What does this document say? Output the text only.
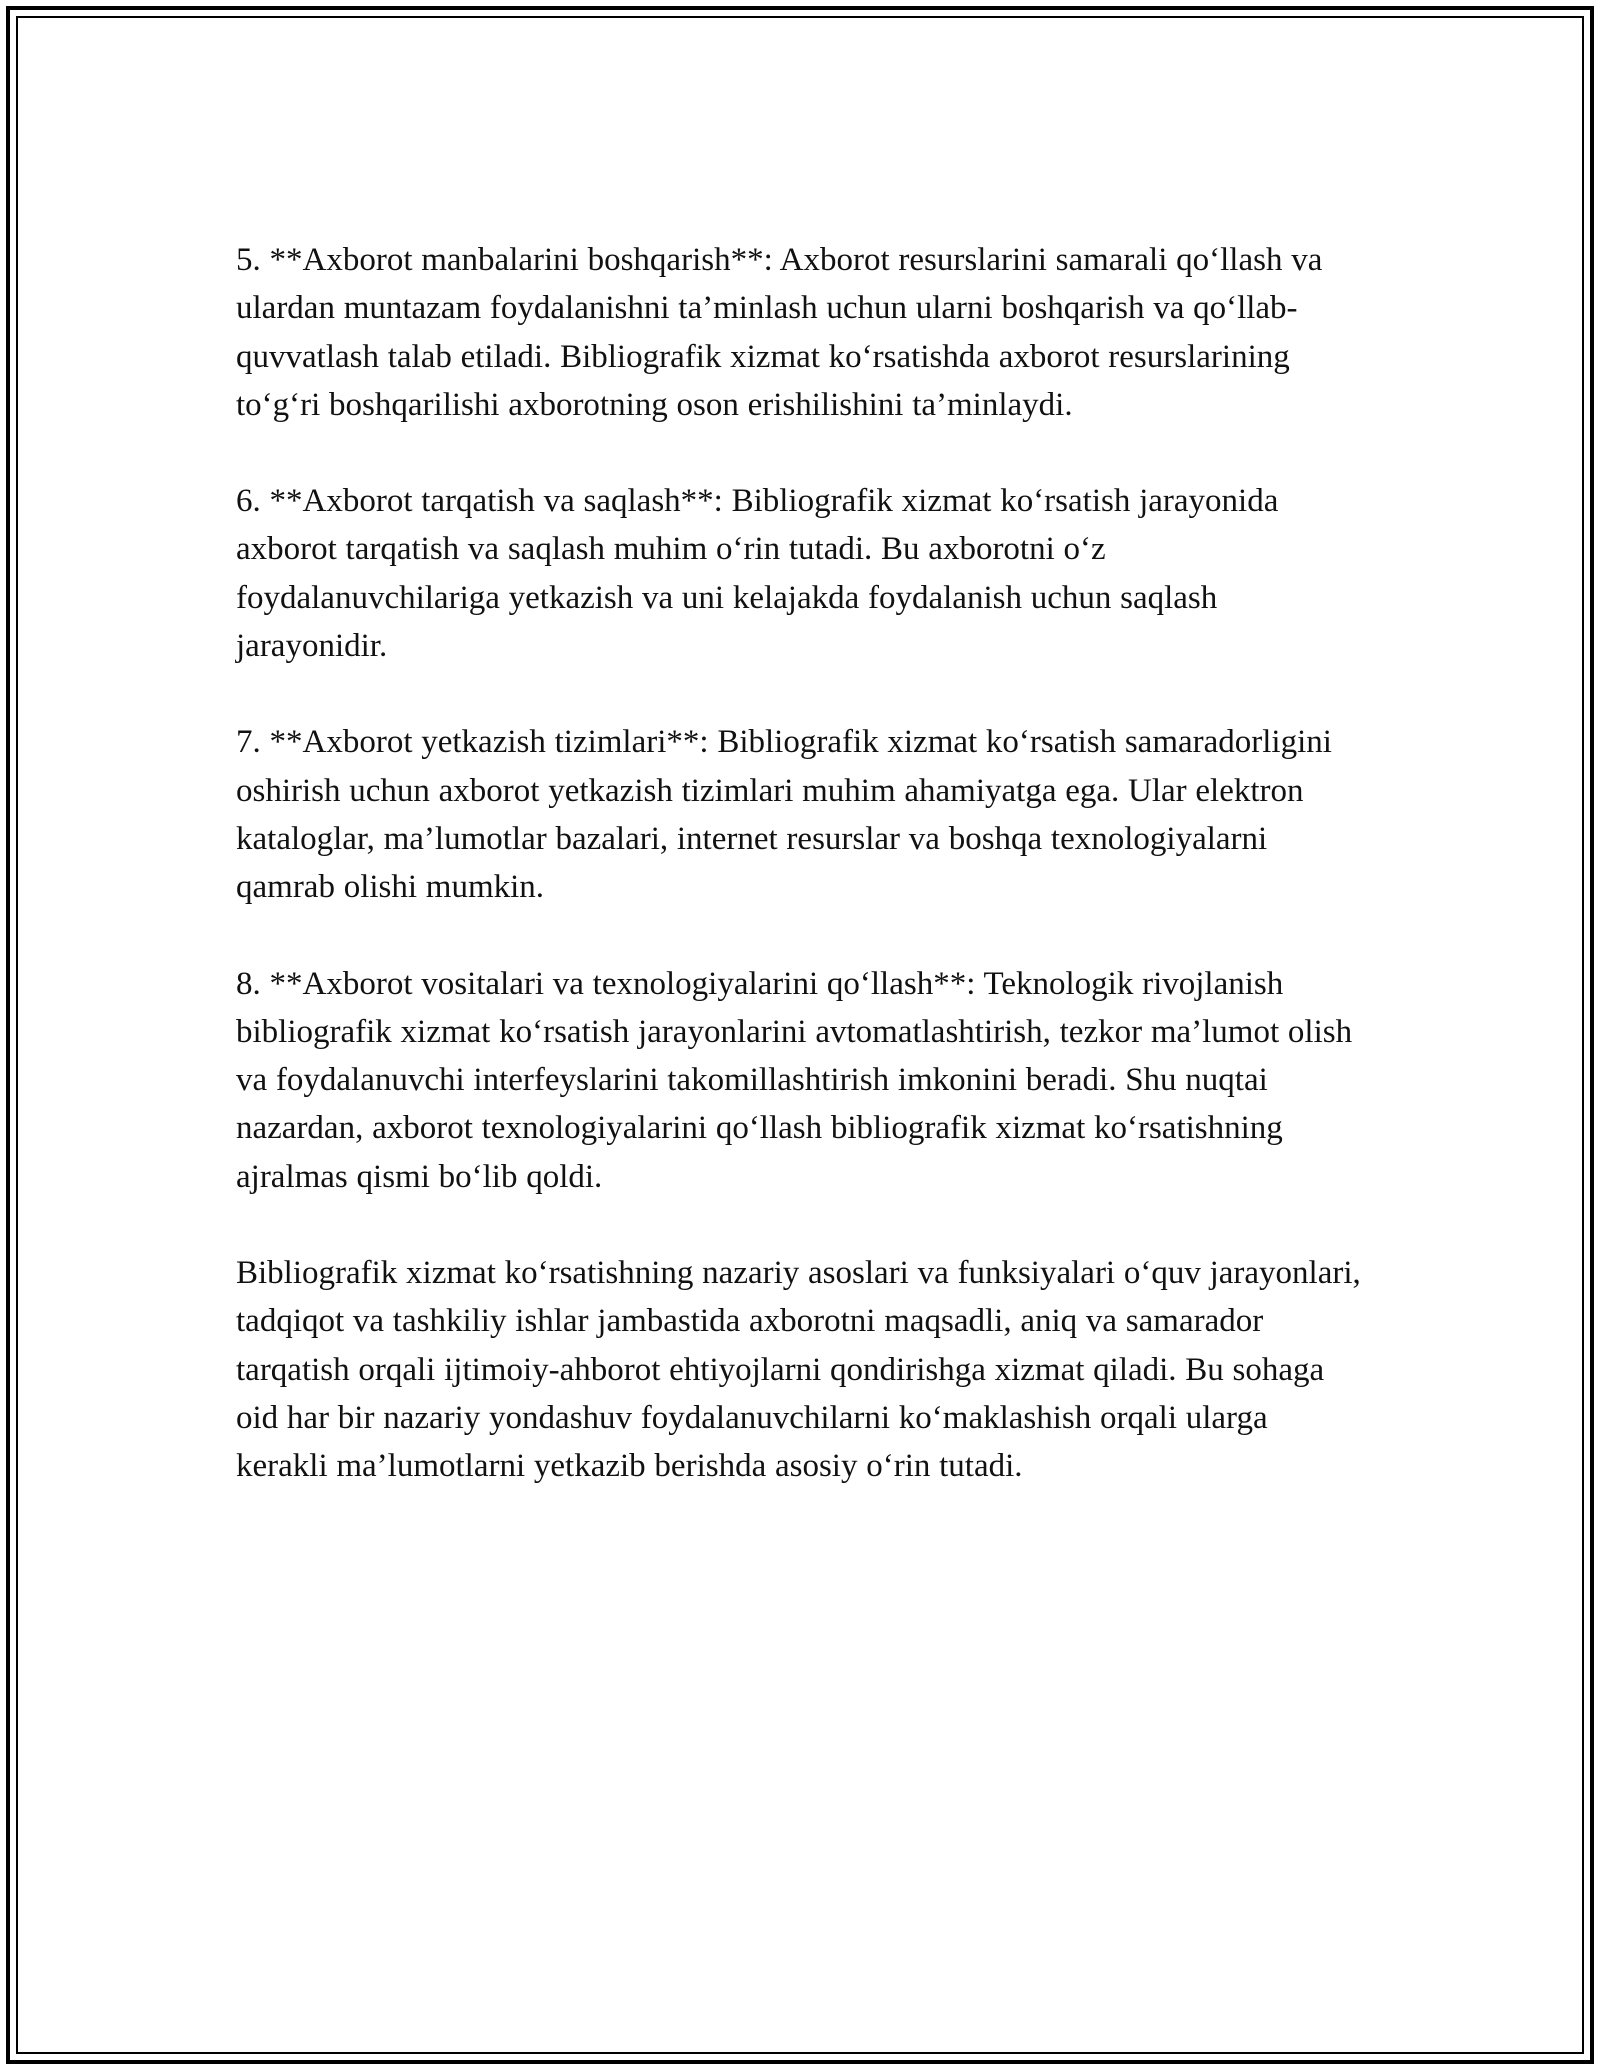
5. **Axborot manbalarini boshqarish**: Axborot resurslarini samarali qo‘llash va ulardan muntazam foydalanishni ta’minlash uchun ularni boshqarish va qo‘llab-quvvatlash talab etiladi. Bibliografik xizmat ko‘rsatishda axborot resurslarining to‘g‘ri boshqarilishi axborotning oson erishilishini ta’minlaydi.

6. **Axborot tarqatish va saqlash**: Bibliografik xizmat ko‘rsatish jarayonida axborot tarqatish va saqlash muhim o‘rin tutadi. Bu axborotni o‘z foydalanuvchilariga yetkazish va uni kelajakda foydalanish uchun saqlash jarayonidir.

7. **Axborot yetkazish tizimlari**: Bibliografik xizmat ko‘rsatish samaradorligini oshirish uchun axborot yetkazish tizimlari muhim ahamiyatga ega. Ular elektron kataloglar, ma’lumotlar bazalari, internet resurslar va boshqa texnologiyalarni qamrab olishi mumkin.

8. **Axborot vositalari va texnologiyalarini qo‘llash**: Teknologik rivojlanish bibliografik xizmat ko‘rsatish jarayonlarini avtomatlashtirish, tezkor ma’lumot olish va foydalanuvchi interfeyslarini takomillashtirish imkonini beradi. Shu nuqtai nazardan, axborot texnologiyalarini qo‘llash bibliografik xizmat ko‘rsatishning ajralmas qismi bo‘lib qoldi.

Bibliografik xizmat ko‘rsatishning nazariy asoslari va funksiyalari o‘quv jarayonlari, tadqiqot va tashkiliy ishlar jambastida axborotni maqsadli, aniq va samarador tarqatish orqali ijtimoiy-ahborot ehtiyojlarni qondirishga xizmat qiladi. Bu sohaga oid har bir nazariy yondashuv foydalanuvchilarni ko‘maklashish orqali ularga kerakli ma’lumotlarni yetkazib berishda asosiy o‘rin tutadi.
